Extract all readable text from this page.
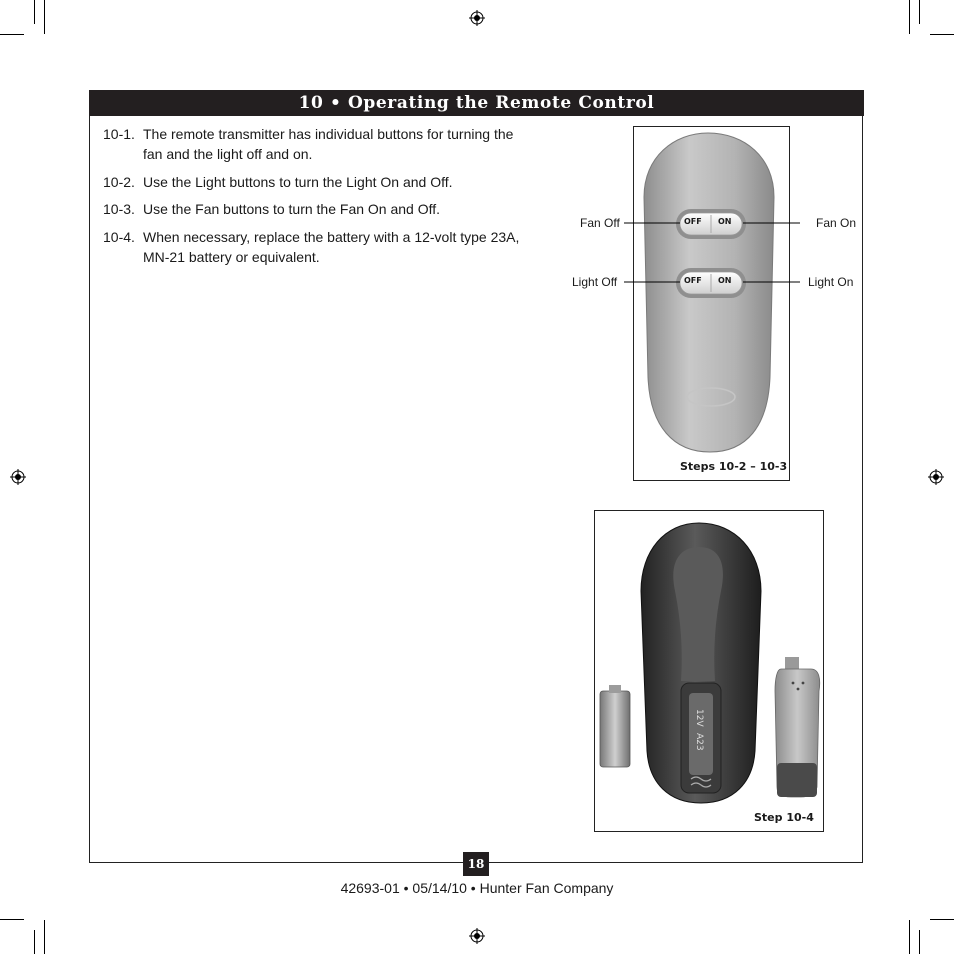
10 • Operating the Remote Control
10-1. The remote transmitter has individual buttons for turning the
fan and the light off and on.
10-2. Use the Light buttons to turn the Light On and Off.
10-3. Use the Fan buttons to turn the Fan On and Off.
10-4. When necessary, replace the battery with a 12-volt type 23A,
MN-21 battery or equivalent.
OFF ON
OFF ON
Steps 10-2 – 10-3
Fan Off	Fan On
Light Off	Light On
12V
A23
Step 10-4
18
42693-01 • 05/14/10 • Hunter Fan Company
